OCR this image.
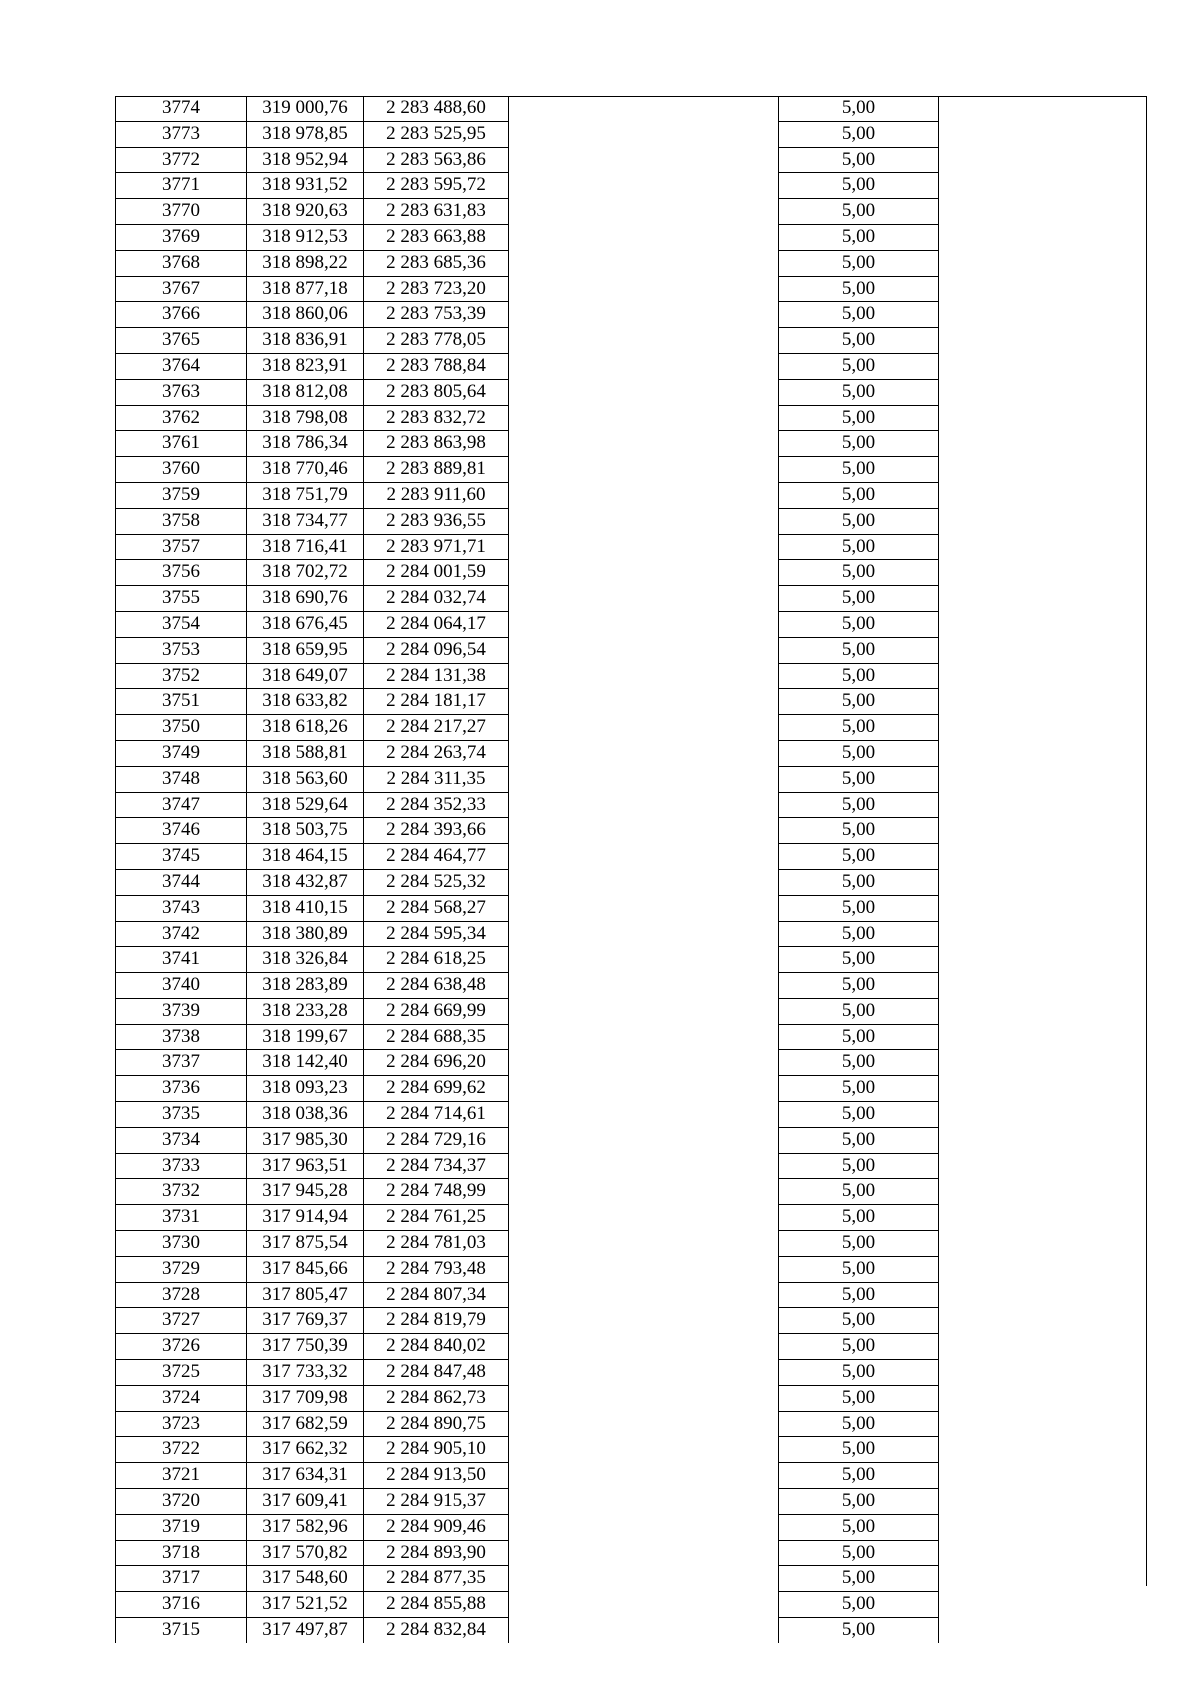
3774	319 000,76	2 283 488,60		5,00	
3773	318 978,85	2 283 525,95		5,00	
3772	318 952,94	2 283 563,86		5,00	
3771	318 931,52	2 283 595,72		5,00	
3770	318 920,63	2 283 631,83		5,00	
3769	318 912,53	2 283 663,88		5,00	
3768	318 898,22	2 283 685,36		5,00	
3767	318 877,18	2 283 723,20		5,00	
3766	318 860,06	2 283 753,39		5,00	
3765	318 836,91	2 283 778,05		5,00	
3764	318 823,91	2 283 788,84		5,00	
3763	318 812,08	2 283 805,64		5,00	
3762	318 798,08	2 283 832,72		5,00	
3761	318 786,34	2 283 863,98		5,00	
3760	318 770,46	2 283 889,81		5,00	
3759	318 751,79	2 283 911,60		5,00	
3758	318 734,77	2 283 936,55		5,00	
3757	318 716,41	2 283 971,71		5,00	
3756	318 702,72	2 284 001,59		5,00	
3755	318 690,76	2 284 032,74		5,00	
3754	318 676,45	2 284 064,17		5,00	
3753	318 659,95	2 284 096,54		5,00	
3752	318 649,07	2 284 131,38		5,00	
3751	318 633,82	2 284 181,17		5,00	
3750	318 618,26	2 284 217,27		5,00	
3749	318 588,81	2 284 263,74		5,00	
3748	318 563,60	2 284 311,35		5,00	
3747	318 529,64	2 284 352,33		5,00	
3746	318 503,75	2 284 393,66		5,00	
3745	318 464,15	2 284 464,77		5,00	
3744	318 432,87	2 284 525,32		5,00	
3743	318 410,15	2 284 568,27		5,00	
3742	318 380,89	2 284 595,34		5,00	
3741	318 326,84	2 284 618,25		5,00	
3740	318 283,89	2 284 638,48		5,00	
3739	318 233,28	2 284 669,99		5,00	
3738	318 199,67	2 284 688,35		5,00	
3737	318 142,40	2 284 696,20		5,00	
3736	318 093,23	2 284 699,62		5,00	
3735	318 038,36	2 284 714,61		5,00	
3734	317 985,30	2 284 729,16		5,00	
3733	317 963,51	2 284 734,37		5,00	
3732	317 945,28	2 284 748,99		5,00	
3731	317 914,94	2 284 761,25		5,00	
3730	317 875,54	2 284 781,03		5,00	
3729	317 845,66	2 284 793,48		5,00	
3728	317 805,47	2 284 807,34		5,00	
3727	317 769,37	2 284 819,79		5,00	
3726	317 750,39	2 284 840,02		5,00	
3725	317 733,32	2 284 847,48		5,00	
3724	317 709,98	2 284 862,73		5,00	
3723	317 682,59	2 284 890,75		5,00	
3722	317 662,32	2 284 905,10		5,00	
3721	317 634,31	2 284 913,50		5,00	
3720	317 609,41	2 284 915,37		5,00	
3719	317 582,96	2 284 909,46		5,00	
3718	317 570,82	2 284 893,90		5,00	
3717	317 548,60	2 284 877,35		5,00	
3716	317 521,52	2 284 855,88		5,00	
3715	317 497,87	2 284 832,84		5,00	
